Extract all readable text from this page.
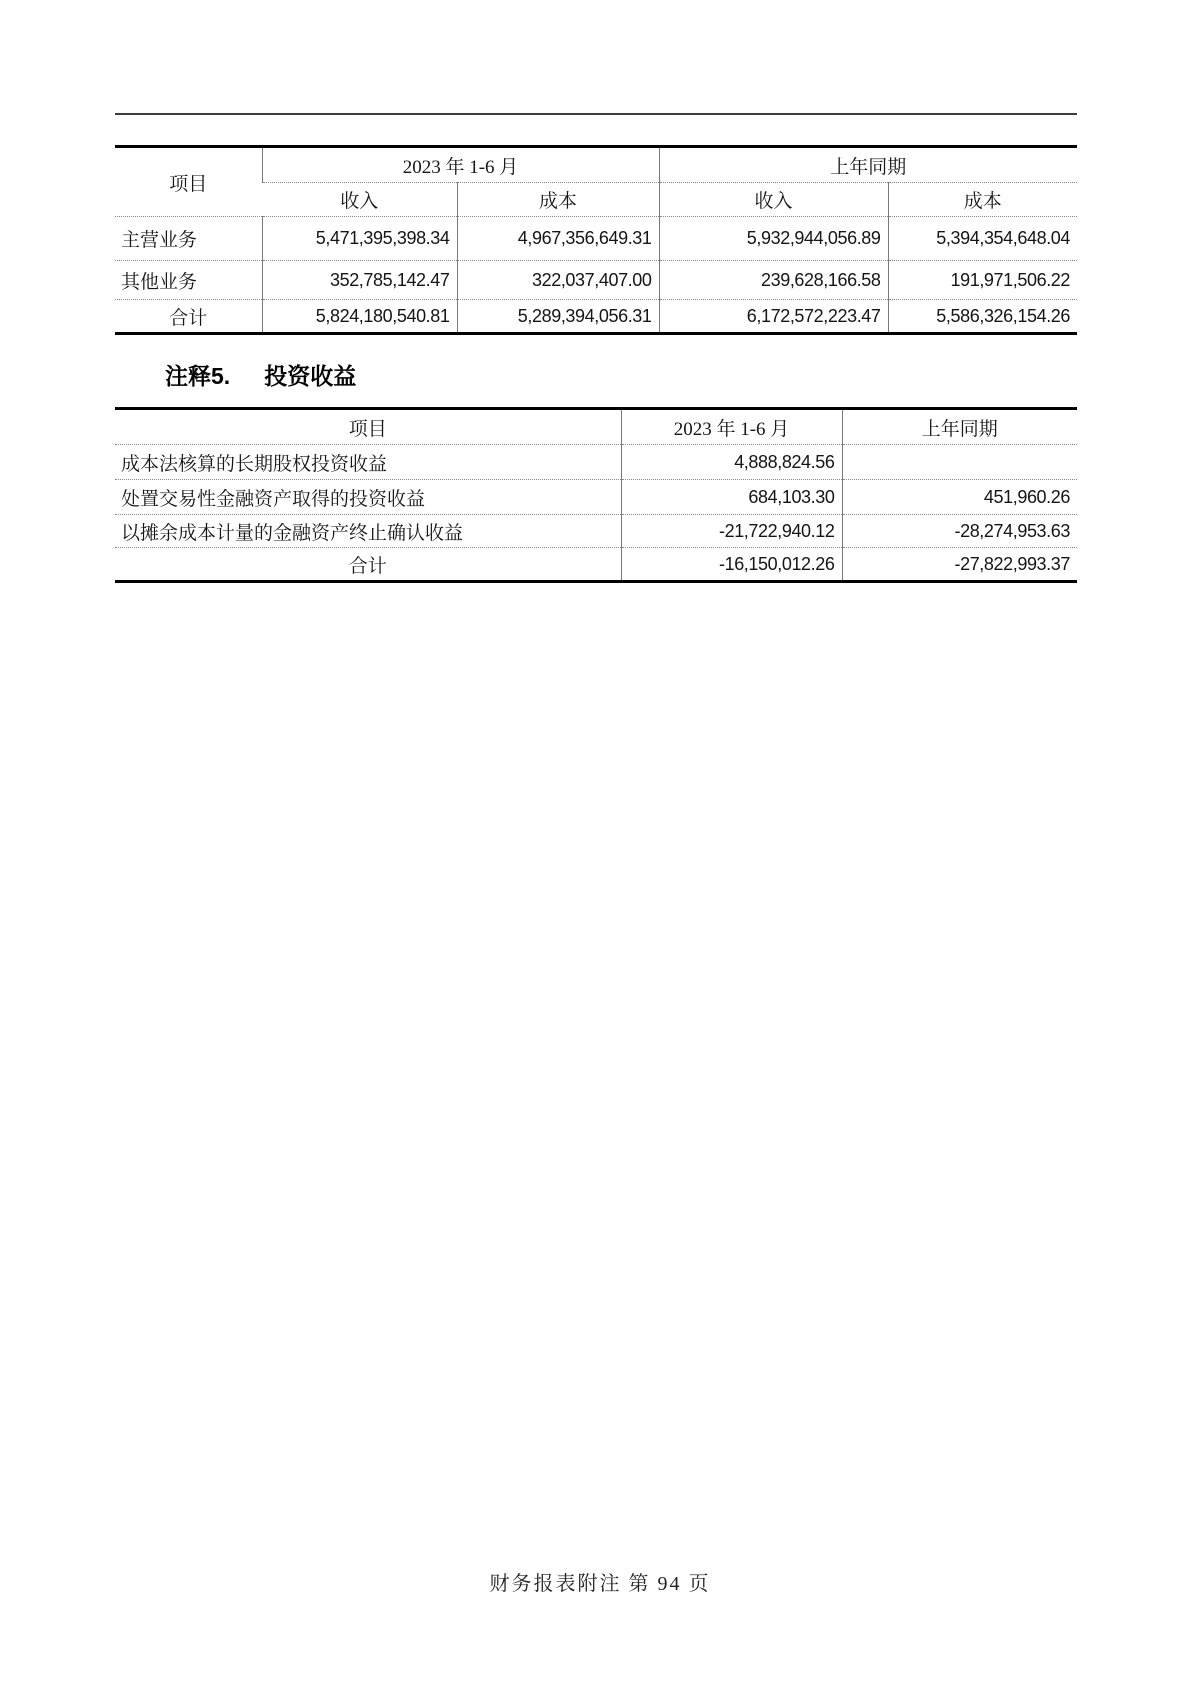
项目	2023 年 1-6 月		上年同期	
	收入	成本	收入	成本
主营业务	5,471,395,398.34	4,967,356,649.31	5,932,944,056.89	5,394,354,648.04
其他业务	352,785,142.47	322,037,407.00	239,628,166.58	191,971,506.22
合计	5,824,180,540.81	5,289,394,056.31	6,172,572,223.47	5,586,326,154.26
注释5. 投资收益
项目	2023 年 1-6 月	上年同期
成本法核算的长期股权投资收益	4,888,824.56	
处置交易性金融资产取得的投资收益	684,103.30	451,960.26
以摊余成本计量的金融资产终止确认收益	-21,722,940.12	-28,274,953.63
合计	-16,150,012.26	-27,822,993.37
财务报表附注 第 94 页
